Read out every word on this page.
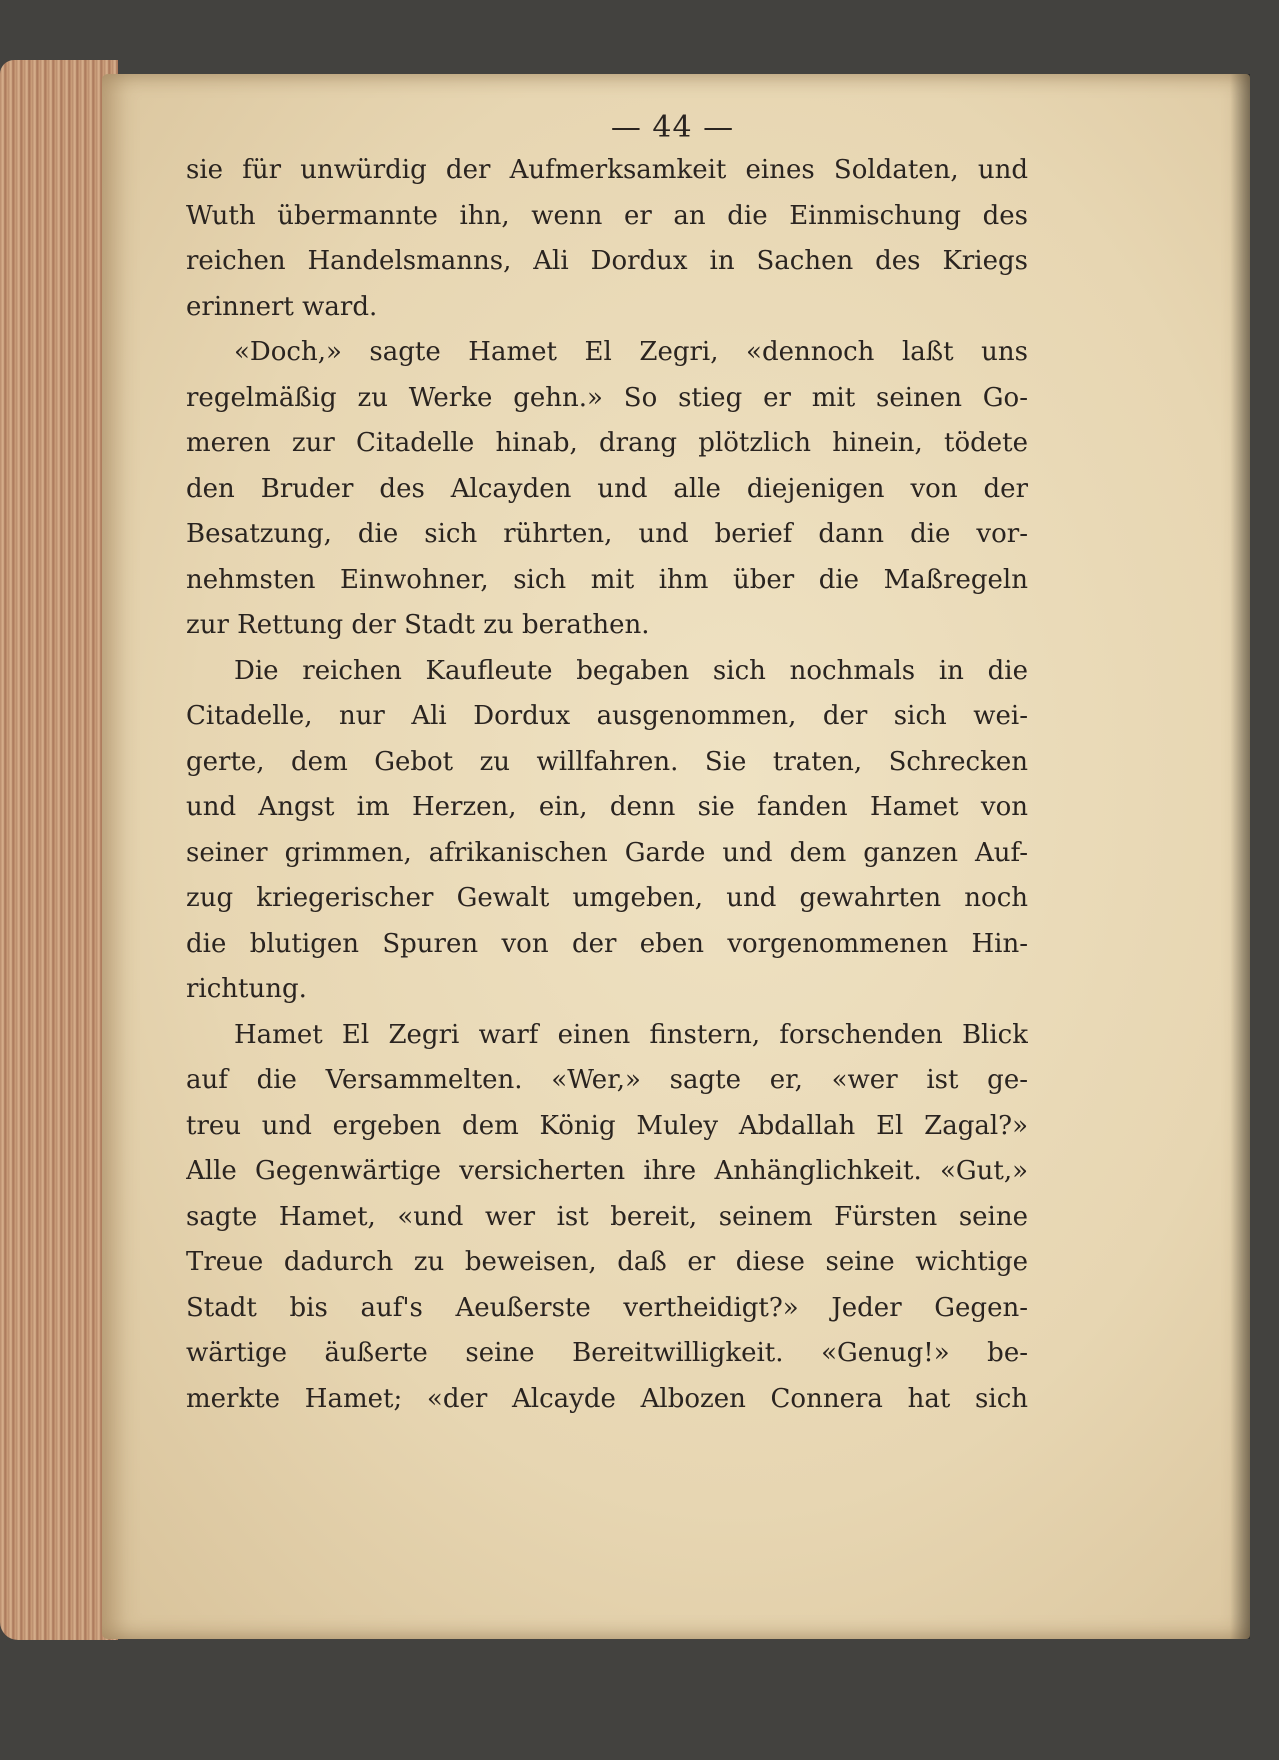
— 44 —
sie für unwürdig der Aufmerksamkeit eines Soldaten, und
Wuth übermannte ihn, wenn er an die Einmischung des
reichen Handelsmanns, Ali Dordux in Sachen des Kriegs
erinnert ward.
«Doch,» sagte Hamet El Zegri, «dennoch laßt uns
regelmäßig zu Werke gehn.» So stieg er mit seinen Go-
meren zur Citadelle hinab, drang plötzlich hinein, tödete
den Bruder des Alcayden und alle diejenigen von der
Besatzung, die sich rührten, und berief dann die vor-
nehmsten Einwohner, sich mit ihm über die Maßregeln
zur Rettung der Stadt zu berathen.
Die reichen Kaufleute begaben sich nochmals in die
Citadelle, nur Ali Dordux ausgenommen, der sich wei-
gerte, dem Gebot zu willfahren. Sie traten, Schrecken
und Angst im Herzen, ein, denn sie fanden Hamet von
seiner grimmen, afrikanischen Garde und dem ganzen Auf-
zug kriegerischer Gewalt umgeben, und gewahrten noch
die blutigen Spuren von der eben vorgenommenen Hin-
richtung.
Hamet El Zegri warf einen finstern, forschenden Blick
auf die Versammelten. «Wer,» sagte er, «wer ist ge-
treu und ergeben dem König Muley Abdallah El Zagal?»
Alle Gegenwärtige versicherten ihre Anhänglichkeit. «Gut,»
sagte Hamet, «und wer ist bereit, seinem Fürsten seine
Treue dadurch zu beweisen, daß er diese seine wichtige
Stadt bis auf's Aeußerste vertheidigt?» Jeder Gegen-
wärtige äußerte seine Bereitwilligkeit. «Genug!» be-
merkte Hamet; «der Alcayde Albozen Connera hat sich
